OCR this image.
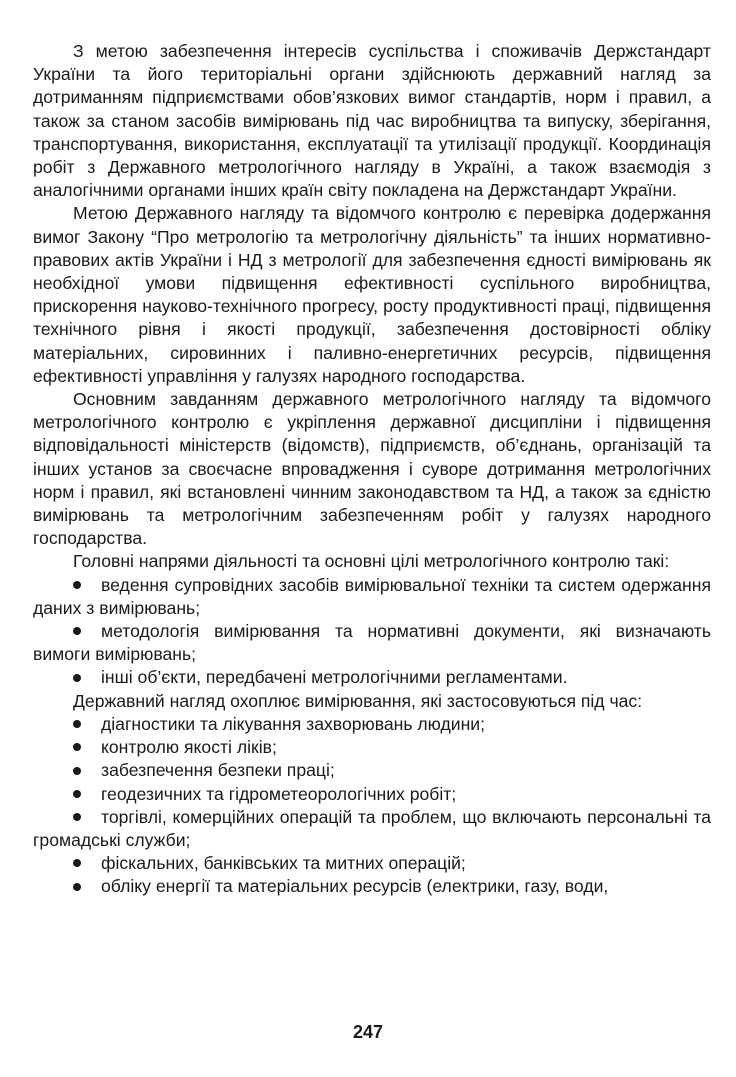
З метою забезпечення інтересів суспільства і споживачів Держстандарт України та його територіальні органи здійснюють державний нагляд за дотриманням підприємствами обов’язкових вимог стандартів, норм і правил, а також за станом засобів вимірювань під час виробництва та випуску, зберігання, транспортування, використання, експлуатації та утилізації продукції. Координація робіт з Державного метрологічного нагляду в Україні, а також взаємодія з аналогічними органами інших країн світу покладена на Держстандарт України.

Метою Державного нагляду та відомчого контролю є перевірка додержання вимог Закону “Про метрологію та метрологічну діяльність” та інших нормативно-правових актів України і НД з метрології для забезпечення єдності вимірювань як необхідної умови підвищення ефективності суспільного виробництва, прискорення науково-технічного прогресу, росту продуктивності праці, підвищення технічного рівня і якості продукції, забезпечення достовірності обліку матеріальних, сировинних і паливно-енергетичних ресурсів, підвищення ефективності управління у галузях народного господарства.

Основним завданням державного метрологічного нагляду та відомчого метрологічного контролю є укріплення державної дисципліни і підвищення відповідальності міністерств (відомств), підприємств, об’єднань, організацій та інших установ за своєчасне впровадження і суворе дотримання метрологічних норм і правил, які встановлені чинним законодавством та НД, а також за єдністю вимірювань та метрологічним забезпеченням робіт у галузях народного господарства.

Головні напрями діяльності та основні цілі метрологічного контролю такі:

ведення супровідних засобів вимірювальної техніки та систем одержання даних з вимірювань;
методологія вимірювання та нормативні документи, які визначають вимоги вимірювань;
інші об’єкти, передбачені метрологічними регламентами.

Державний нагляд охоплює вимірювання, які застосовуються під час:

діагностики та лікування захворювань людини;
контролю якості ліків;
забезпечення безпеки праці;
геодезичних та гідрометеорологічних робіт;
торгівлі, комерційних операцій та проблем, що включають персональні та громадські служби;
фіскальних, банківських та митних операцій;
обліку енергії та матеріальних ресурсів (електрики, газу, води,
247
